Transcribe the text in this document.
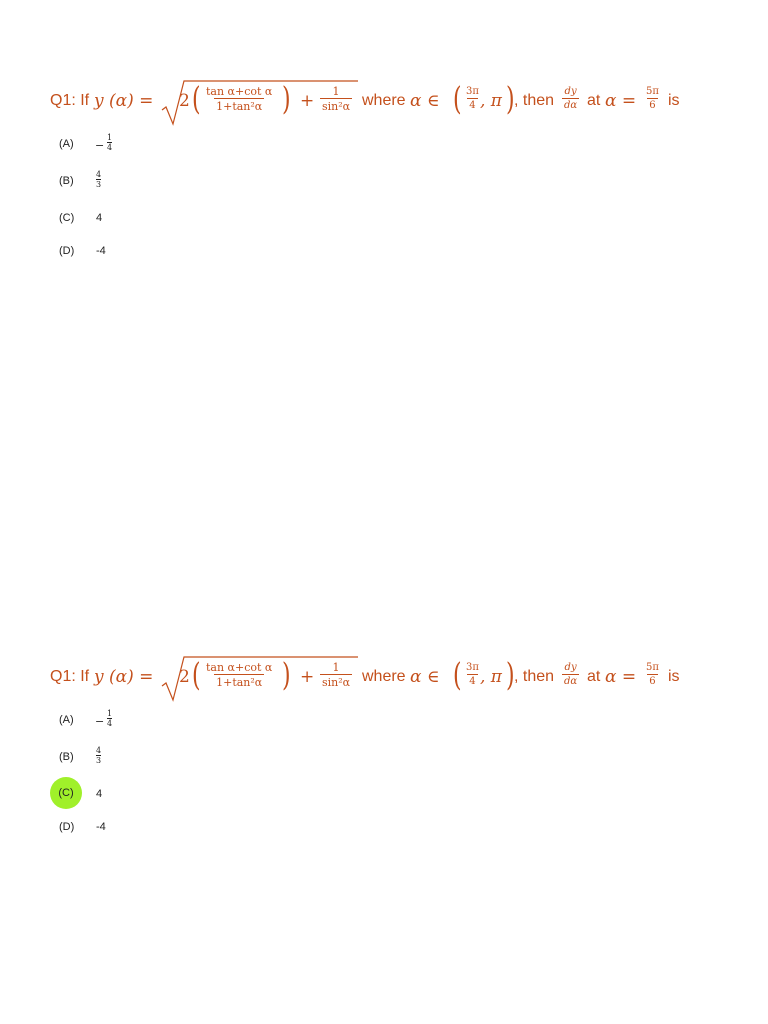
Q1: If y (α) = 2 ( $\frac{\text{tan α+cot α}}{\text{1+tan²α}}$ ) + $\frac{1}{\text{sin²α}}$ where α ∈ ( $\frac{3\pi}{4}$ , π ) , then $\frac{dy}{d\alpha}$ at $\alpha = \frac{5\pi}{6}$ is
$(A) - \frac{1}{4}$
(B)	$\frac{4}{3}$
(C) 4
(D) -4
Q1: If y (α) = 2 ( $\frac{\text{tan α+cot α}}{\text{1+tan²α}}$ ) + $\frac{1}{\text{sin²α}}$ where α ∈ ( $\frac{3\pi}{4}$ , π ) , then $\frac{dy}{d\alpha}$ at $\alpha = \frac{5\pi}{6}$ is
$(A) - \frac{1}{4}$
(B)	$\frac{4}{3}$
(C)	4
(D) -4
